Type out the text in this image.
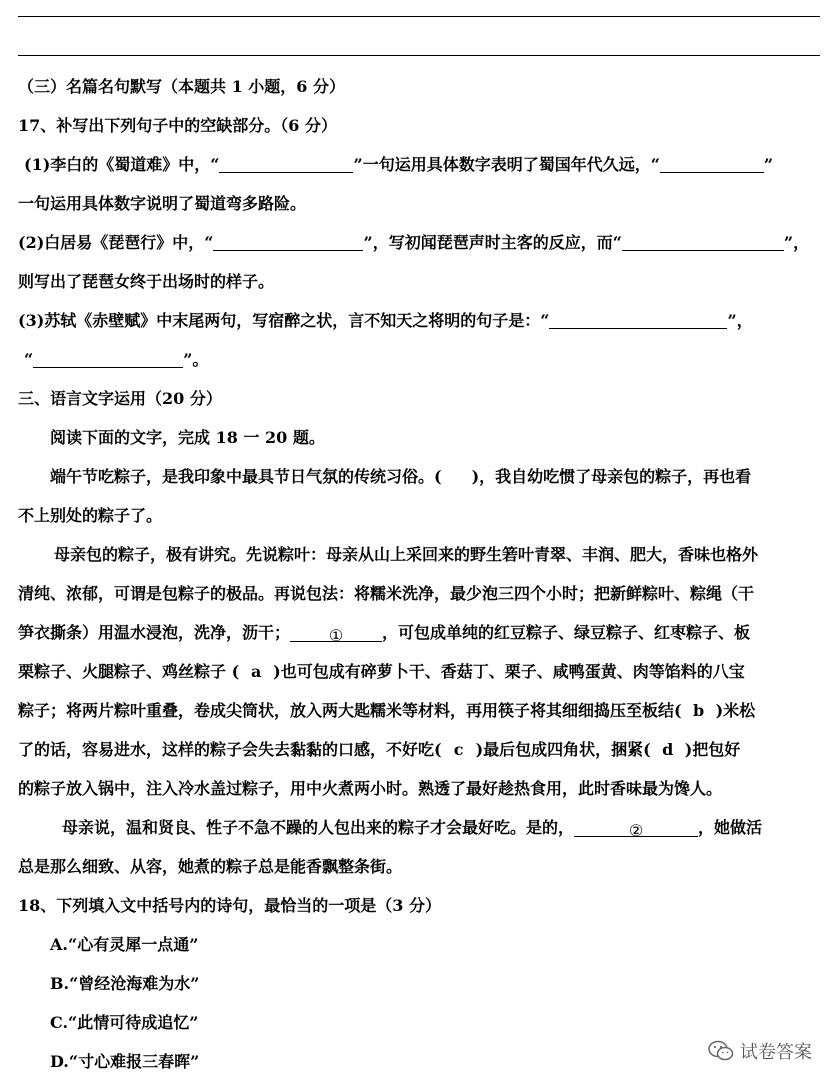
（三）名篇名句默写（本题共 1 小题，6 分）
17、补写出下列句子中的空缺部分。（6 分）
(1)李白的《蜀道难》中，“	”一句运用具体数字表明了蜀国年代久远，“	”
一句运用具体数字说明了蜀道弯多路险。
(2)白居易《琵琶行》中，“	”，写初闻琵琶声时主客的反应，而“	”，
则写出了琵琶女终于出场时的样子。
(3)苏轼《赤壁赋》中末尾两句，写宿醉之状，言不知天之将明的句子是：“	”，
“	”。
三、语言文字运用（20 分）
阅读下面的文字，完成 18 一 20 题。
端午节吃粽子，是我印象中最具节日气氛的传统习俗。( )，我自幼吃惯了母亲包的粽子，再也看
不上别处的粽子了。
母亲包的粽子，极有讲究。先说粽叶：母亲从山上采回来的野生箬叶青翠、丰润、肥大，香味也格外
清纯、浓郁，可谓是包粽子的极品。再说包法：将糯米洗净，最少泡三四个小时；把新鲜粽叶、粽绳（干
笋衣撕条）用温水浸泡，洗净，沥干； ① ，可包成单纯的红豆粽子、绿豆粽子、红枣粽子、板
栗粽子、火腿粽子、鸡丝粽子 ( a )也可包成有碎萝卜干、香菇丁、栗子、咸鸭蛋黄、肉等馅料的八宝
粽子；将两片粽叶重叠，卷成尖筒状，放入两大匙糯米等材料，再用筷子将其细细捣压至板结( b )米松
了的话，容易进水，这样的粽子会失去黏黏的口感，不好吃( c )最后包成四角状，捆紧( d )把包好
的粽子放入锅中，注入冷水盖过粽子，用中火煮两小时。熟透了最好趁热食用，此时香味最为馋人。
母亲说，温和贤良、性子不急不躁的人包出来的粽子才会最好吃。是的，	②	，她做活
总是那么细致、从容，她煮的粽子总是能香飘整条街。
18、下列填入文中括号内的诗句，最恰当的一项是（3 分）
A.“心有灵犀一点通”
B.“曾经沧海难为水”
C.“此情可待成追忆”
D.“寸心难报三春晖”	试卷答案
